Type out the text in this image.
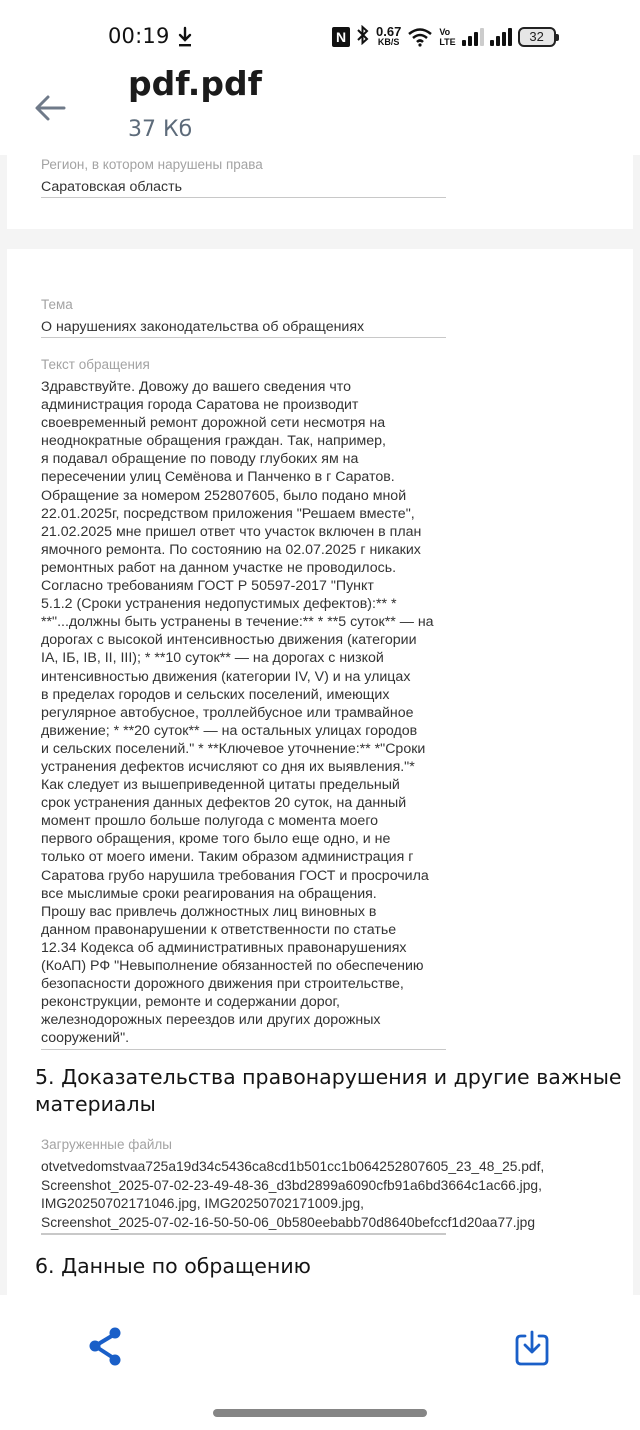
00:19	N	0.67
KB/S
Vo
LTE	32
pdf.pdf
37 Кб
Регион, в котором нарушены права
Саратовская область
Тема
О нарушениях законодательства об обращениях
Текст обращения
Здравствуйте. Довожу до вашего сведения что
администрация города Саратова не производит
своевременный ремонт дорожной сети несмотря на
неоднократные обращения граждан. Так, например,
я подавал обращение по поводу глубоких ям на
пересечении улиц Семёнова и Панченко в г Саратов.
Обращение за номером 252807605, было подано мной
22.01.2025г, посредством приложения "Решаем вместе",
21.02.2025 мне пришел ответ что участок включен в план
ямочного ремонта. По состоянию на 02.07.2025 г никаких
ремонтных работ на данном участке не проводилось.
Согласно требованиям ГОСТ Р 50597-2017 "Пункт
5.1.2 (Сроки устранения недопустимых дефектов):** *
**"...должны быть устранены в течение:** * **5 суток** — на
дорогах с высокой интенсивностью движения (категории
IA, IБ, IB, II, III); * **10 суток** — на дорогах с низкой
интенсивностью движения (категории IV, V) и на улицах
в пределах городов и сельских поселений, имеющих
регулярное автобусное, троллейбусное или трамвайное
движение; * **20 суток** — на остальных улицах городов
и сельских поселений." * **Ключевое уточнение:** *"Сроки
устранения дефектов исчисляют со дня их выявления."*
Как следует из вышеприведенной цитаты предельный
срок устранения данных дефектов 20 суток, на данный
момент прошло больше полугода с момента моего
первого обращения, кроме того было еще одно, и не
только от моего имени. Таким образом администрация г
Саратова грубо нарушила требования ГОСТ и просрочила
все мыслимые сроки реагирования на обращения.
Прошу вас привлечь должностных лиц виновных в
данном правонарушении к ответственности по статье
12.34 Кодекса об административных правонарушениях
(КоАП) РФ "Невыполнение обязанностей по обеспечению
безопасности дорожного движения при строительстве,
реконструкции, ремонте и содержании дорог,
железнодорожных переездов или других дорожных
сооружений".
5. Доказательства правонарушения и другие важные
материалы
Загруженные файлы
otvetvedomstvaa725a19d34c5436ca8cd1b501cc1b064252807605_23_48_25.pdf,
Screenshot_2025-07-02-23-49-48-36_d3bd2899a6090cfb91a6bd3664c1ac66.jpg,
IMG20250702171046.jpg, IMG20250702171009.jpg,
Screenshot_2025-07-02-16-50-50-06_0b580eebabb70d8640befccf1d20aa77.jpg
6. Данные по обращению
